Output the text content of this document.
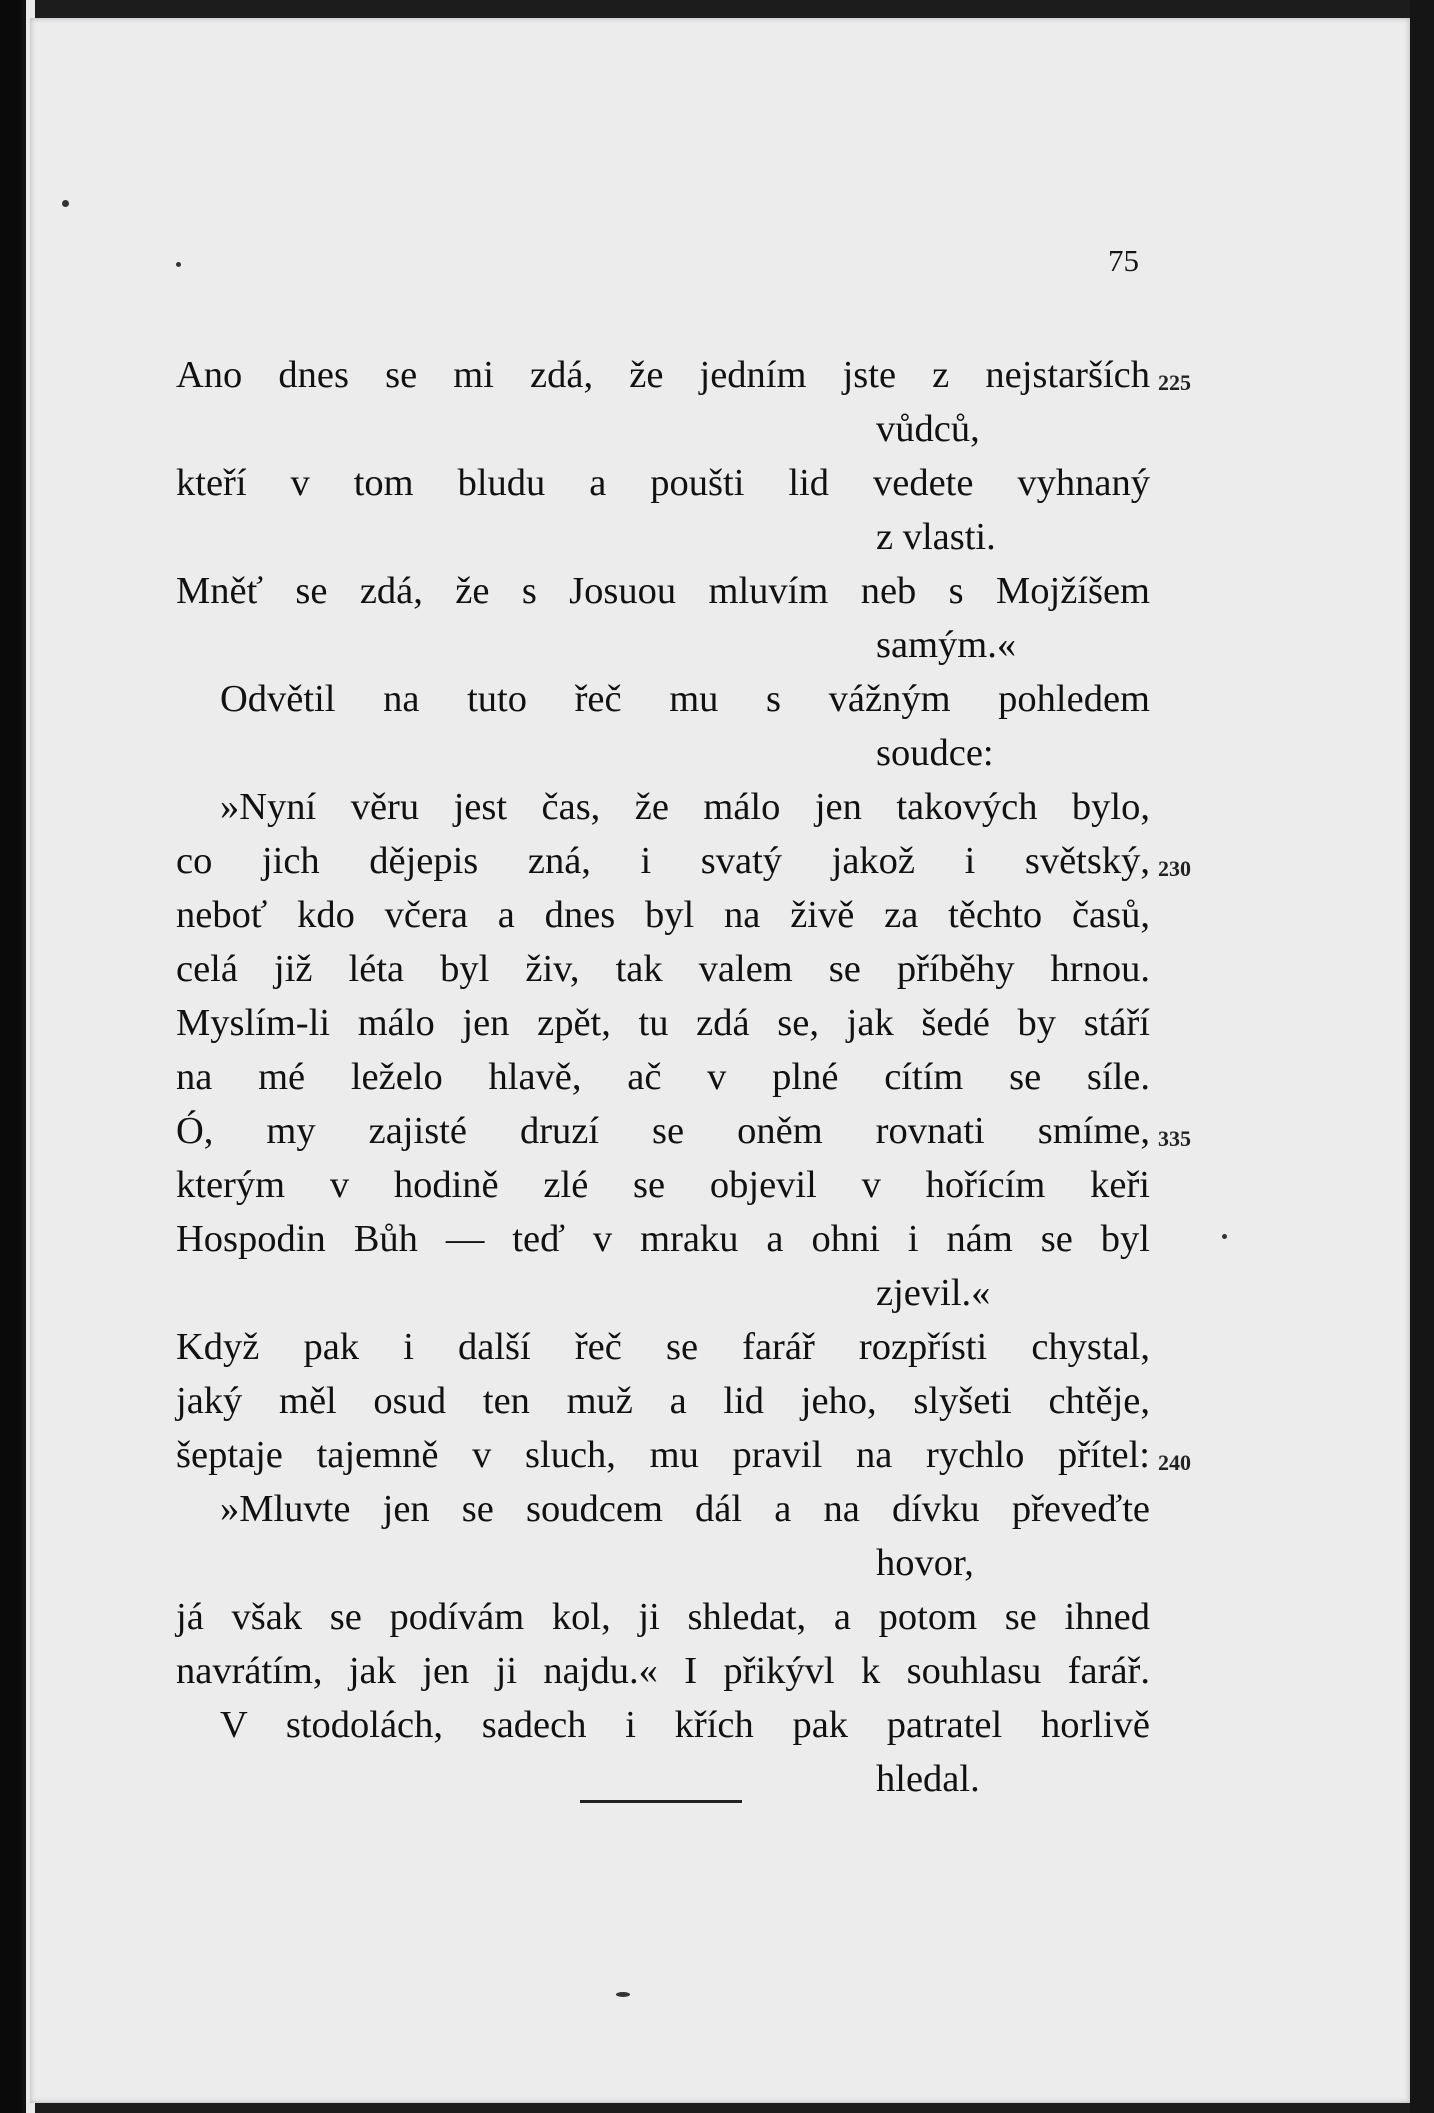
75
Ano dnes se mi zdá, že jedním jste z nejstarších 225
vůdců,
kteří v tom bludu a poušti lid vedete vyhnaný
z vlasti.
Mněť se zdá, že s Josuou mluvím neb s Mojžíšem
samým.«
Odvětil na tuto řeč mu s vážným pohledem
soudce:
»Nyní věru jest čas, že málo jen takových bylo,
co jich dějepis zná, i svatý jakož i světský, 230
neboť kdo včera a dnes byl na živě za těchto časů,
celá již léta byl živ, tak valem se příběhy hrnou.
Myslím-li málo jen zpět, tu zdá se, jak šedé by stáří
na mé leželo hlavě, ač v plné cítím se síle.
Ó, my zajisté druzí se oněm rovnati smíme, 335
kterým v hodině zlé se objevil v hořícím keři
Hospodin Bůh — teď v mraku a ohni i nám se byl
zjevil.«
Když pak i další řeč se farář rozpřísti chystal,
jaký měl osud ten muž a lid jeho, slyšeti chtěje,
šeptaje tajemně v sluch, mu pravil na rychlo přítel: 240
»Mluvte jen se soudcem dál a na dívku převeďte
hovor,
já však se podívám kol, ji shledat, a potom se ihned
navrátím, jak jen ji najdu.« I přikývl k souhlasu farář.
V stodolách, sadech i křích pak patratel horlivě
hledal.
